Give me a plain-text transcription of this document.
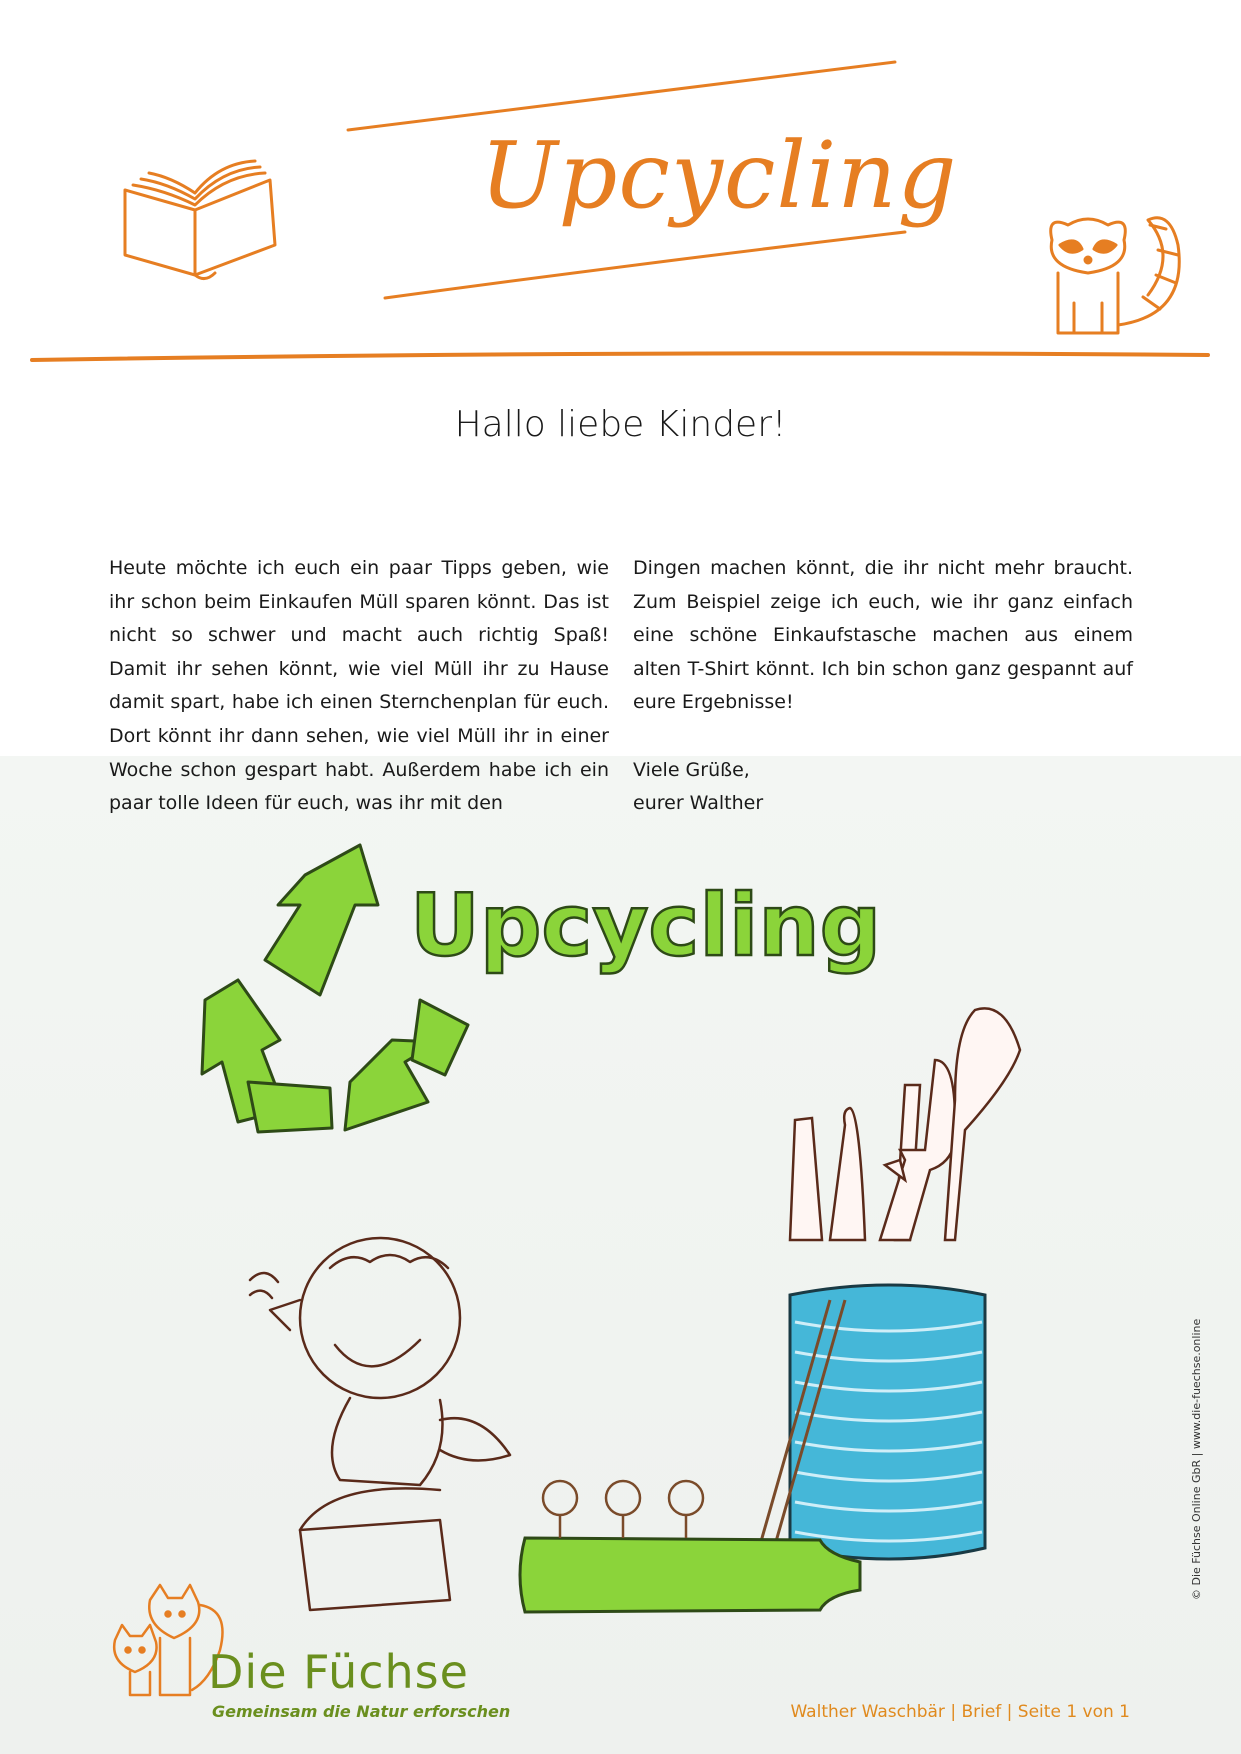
Upcycling
Hallo liebe Kinder!

Heute möchte ich euch ein paar Tipps geben, wie ihr schon beim Einkaufen Müll sparen könnt. Das ist nicht so schwer und macht auch richtig Spaß! Damit ihr sehen könnt, wie viel Müll ihr zu Hause damit spart, habe ich einen Sternchenplan für euch. Dort könnt ihr dann sehen, wie viel Müll ihr in einer Woche schon gespart habt. Außerdem habe ich ein paar tolle Ideen für euch, was ihr mit den

Dingen machen könnt, die ihr nicht mehr braucht. Zum Beispiel zeige ich euch, wie ihr ganz einfach eine schöne Einkaufstasche machen aus einem alten T-Shirt könnt. Ich bin schon ganz gespannt auf eure Ergebnisse!

Viele Grüße,
eurer Walther

Upcycling
Die Füchse
Gemeinsam die Natur erforschen	Walther Waschbär | Brief | Seite 1 von 1
© Die Füchse Online GbR | www.die-fuechse.online
